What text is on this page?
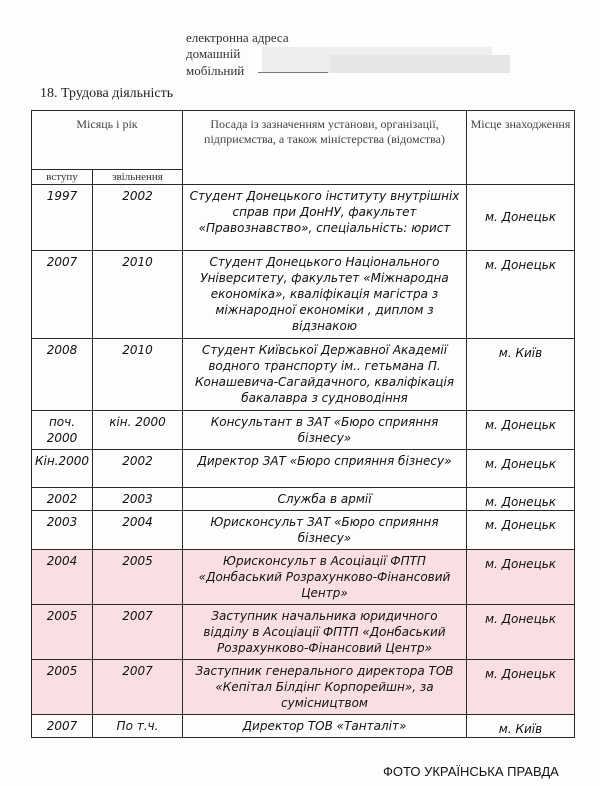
електронна адреса
домашній
мобільний
18. Трудова діяльність
Місяць і рік		Посада із зазначенням установи, організації, підприємства, а також міністерства (відомства)	Місце знаходження
вступу	звільнення		
1997	2002	Студент Донецького інституту внутрішніх справ при ДонНУ, факультет «Правознавство», спеціальність: юрист	м. Донецьк
2007	2010	Студент Донецького Національного Університету, факультет «Міжнародна економіка», кваліфікація магістра з міжнародної економіки , диплом з відзнакою	м. Донецьк
2008	2010	Студент Київської Державної Академії водного транспорту ім.. гетьмана П. Конашевича-Сагайдачного, кваліфікація бакалавра з судноводіння	м. Київ
поч. 2000	кін. 2000	Консультант в ЗАТ «Бюро сприяння бізнесу»	м. Донецьк
Кін.2000	2002	Директор ЗАТ «Бюро сприяння бізнесу»	м. Донецьк
2002	2003	Служба в армії	м. Донецьк
2003	2004	Юрисконсульт ЗАТ «Бюро сприяння бізнесу»	м. Донецьк
2004	2005	Юрисконсульт в Асоціації ФПТП «Донбаський Розрахунково-Фінансовий Центр»	м. Донецьк
2005	2007	Заступник начальника юридичного відділу в Асоціації ФПТП «Донбаський Розрахунково-Фінансовий Центр»	м. Донецьк
2005	2007	Заступник генерального директора ТОВ «Кепітал Білдінг Корпорейшн», за сумісництвом	м. Донецьк
2007	По т.ч.	Директор ТОВ «Танталіт»	м. Київ
ФОТО УКРАЇНСЬКА ПРАВДА
